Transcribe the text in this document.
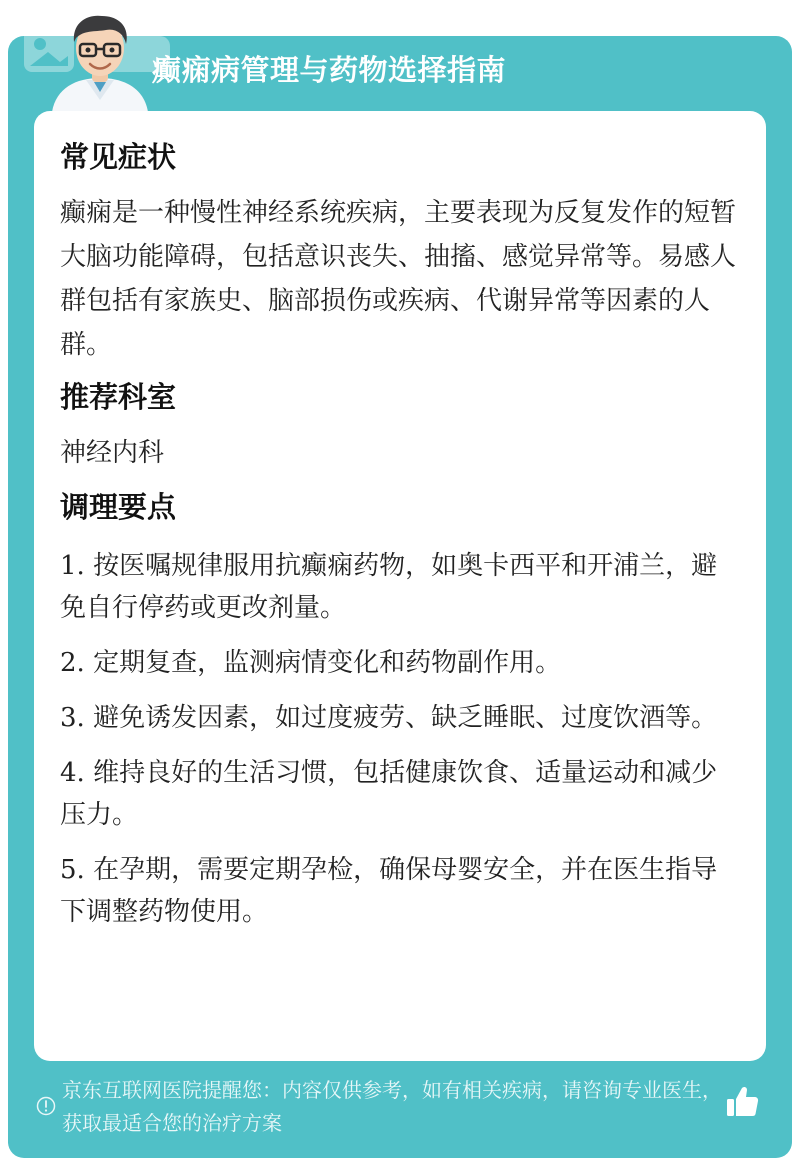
癫痫病管理与药物选择指南
常见症状

癫痫是一种慢性神经系统疾病，主要表现为反复发作的短暂大脑功能障碍，包括意识丧失、抽搐、感觉异常等。易感人群包括有家族史、脑部损伤或疾病、代谢异常等因素的人群。

推荐科室

神经内科

调理要点
1. 按医嘱规律服用抗癫痫药物，如奥卡西平和开浦兰，避免自行停药或更改剂量。
2. 定期复查，监测病情变化和药物副作用。
3. 避免诱发因素，如过度疲劳、缺乏睡眠、过度饮酒等。
4. 维持良好的生活习惯，包括健康饮食、适量运动和减少压力。
5. 在孕期，需要定期孕检，确保母婴安全，并在医生指导下调整药物使用。
京东互联网医院提醒您：内容仅供参考，如有相关疾病，请咨询专业医生，获取最适合您的治疗方案
